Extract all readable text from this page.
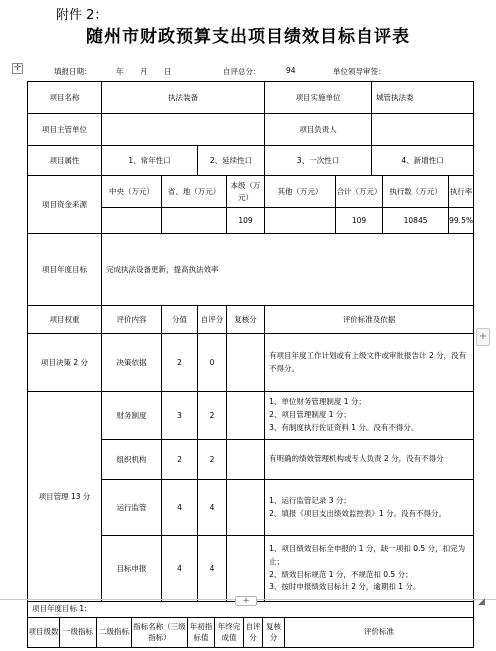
附件 2：
随州市财政预算支出项目绩效目标自评表
✛	填报日期：	年 月 日	自评总分：	94	单位领导审签：
项目名称	执法装备				项目实施单位		城管执法委		
项目主管单位					项目负责人				
项目属性	1、常年性口		2、延续性口		3、一次性口		4、新增性口		
项目资金来源	中央（万元）	省、地（万元）		本级（万元）	其他（万元）	合计（万元）		执行数（万元）	执行率
				109		109		10845	99.5%
项目年度目标	完成执法设备更新，提高执法效率								
项目权重	评价内容	分值	自评分	复核分	评价标准及依据				
项目决策 2 分	决策依据	2	0		有项目年度工作计划或有上级文件或审批报告计 2 分，没有不得分。				
项目管理 13 分	财务制度	3	2		1、单位财务管理制度 1 分；
2、项目管理制度 1 分；
3、有制度执行佐证资料 1 分。没有不得分。				

	组织机构	2	2		有明确的绩效管理机构或专人负责 2 分，没有不得分				

	运行监管	4	4		1、运行监管记录 3 分；
2、填报《项目支出绩效监控表》1 分。没有不得分。				

	目标申报	4	4		1、项目绩效目标全申报的 1 分，缺一项扣 0.5 分，扣完为止；
2、绩效目标规范 1 分，不规范扣 0.5 分；
3、按时申报绩效目标计 2 分，逾期扣 1 分。				
+
项目年度目标 1:
项目级数	一级指标	二级指标	指标名称（三级指标）	年初指标值	年终完成值	自评分	复核分	评价标准
+	◢
